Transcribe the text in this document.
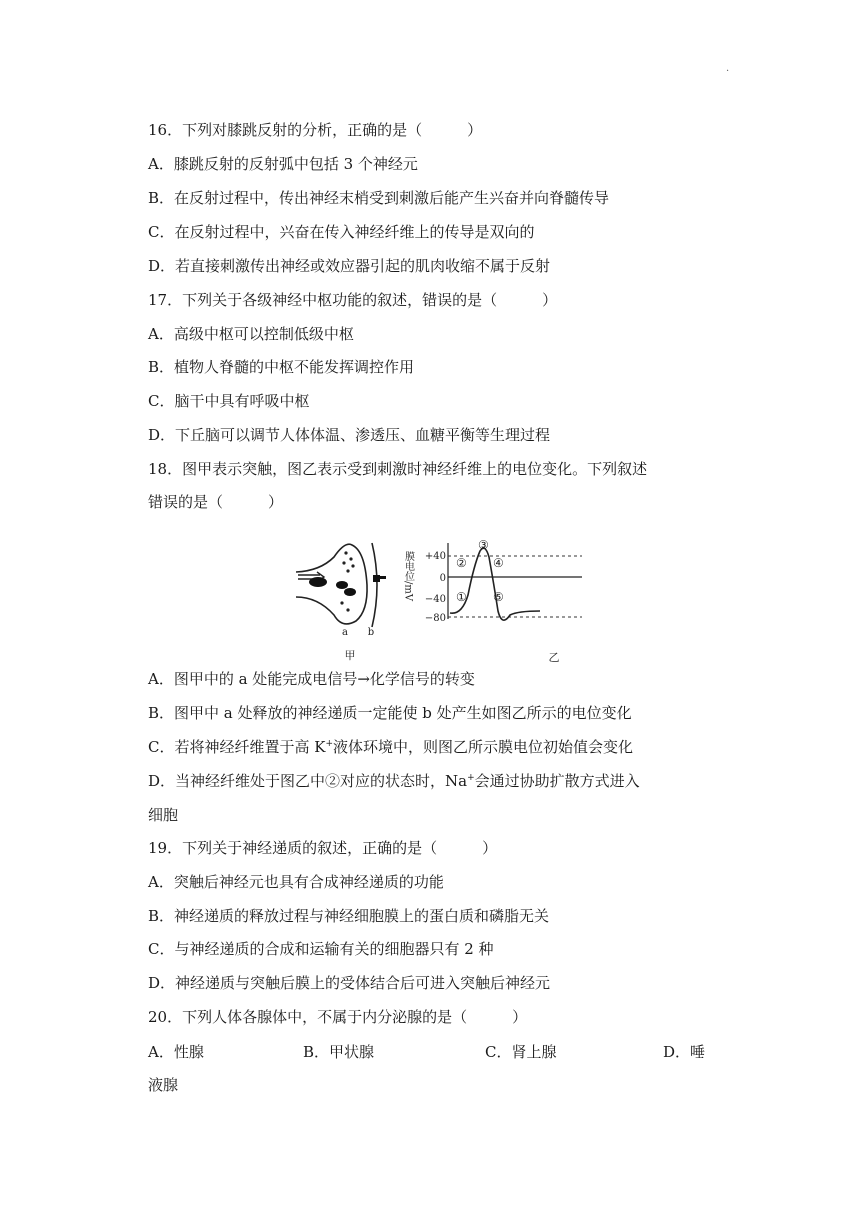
·
16．下列对膝跳反射的分析，正确的是（　　　）
A．膝跳反射的反射弧中包括 3 个神经元
B．在反射过程中，传出神经末梢受到刺激后能产生兴奋并向脊髓传导
C．在反射过程中，兴奋在传入神经纤维上的传导是双向的
D．若直接刺激传出神经或效应器引起的肌肉收缩不属于反射
17．下列关于各级神经中枢功能的叙述，错误的是（　　　）
A．高级中枢可以控制低级中枢
B．植物人脊髓的中枢不能发挥调控作用
C．脑干中具有呼吸中枢
D．下丘脑可以调节人体体温、渗透压、血糖平衡等生理过程
18．图甲表示突触，图乙表示受到刺激时神经纤维上的电位变化。下列叙述
错误的是（　　　）
A．图甲中的 a 处能完成电信号→化学信号的转变
B．图甲中 a 处释放的神经递质一定能使 b 处产生如图乙所示的电位变化
C．若将神经纤维置于高 K+液体环境中，则图乙所示膜电位初始值会变化
D．当神经纤维处于图乙中②对应的状态时，Na+会通过协助扩散方式进入
细胞
19．下列关于神经递质的叙述，正确的是（　　　）
A．突触后神经元也具有合成神经递质的功能
B．神经递质的释放过程与神经细胞膜上的蛋白质和磷脂无关
C．与神经递质的合成和运输有关的细胞器只有 2 种
D．神经递质与突触后膜上的受体结合后可进入突触后神经元
20．下列人体各腺体中，不属于内分泌腺的是（　　　）
A．性腺	B．甲状腺	C．肾上腺	D．唾
液腺
a b
甲
膜电位/mV +40
0
−40
−80
①
②
③
④
⑤
乙
